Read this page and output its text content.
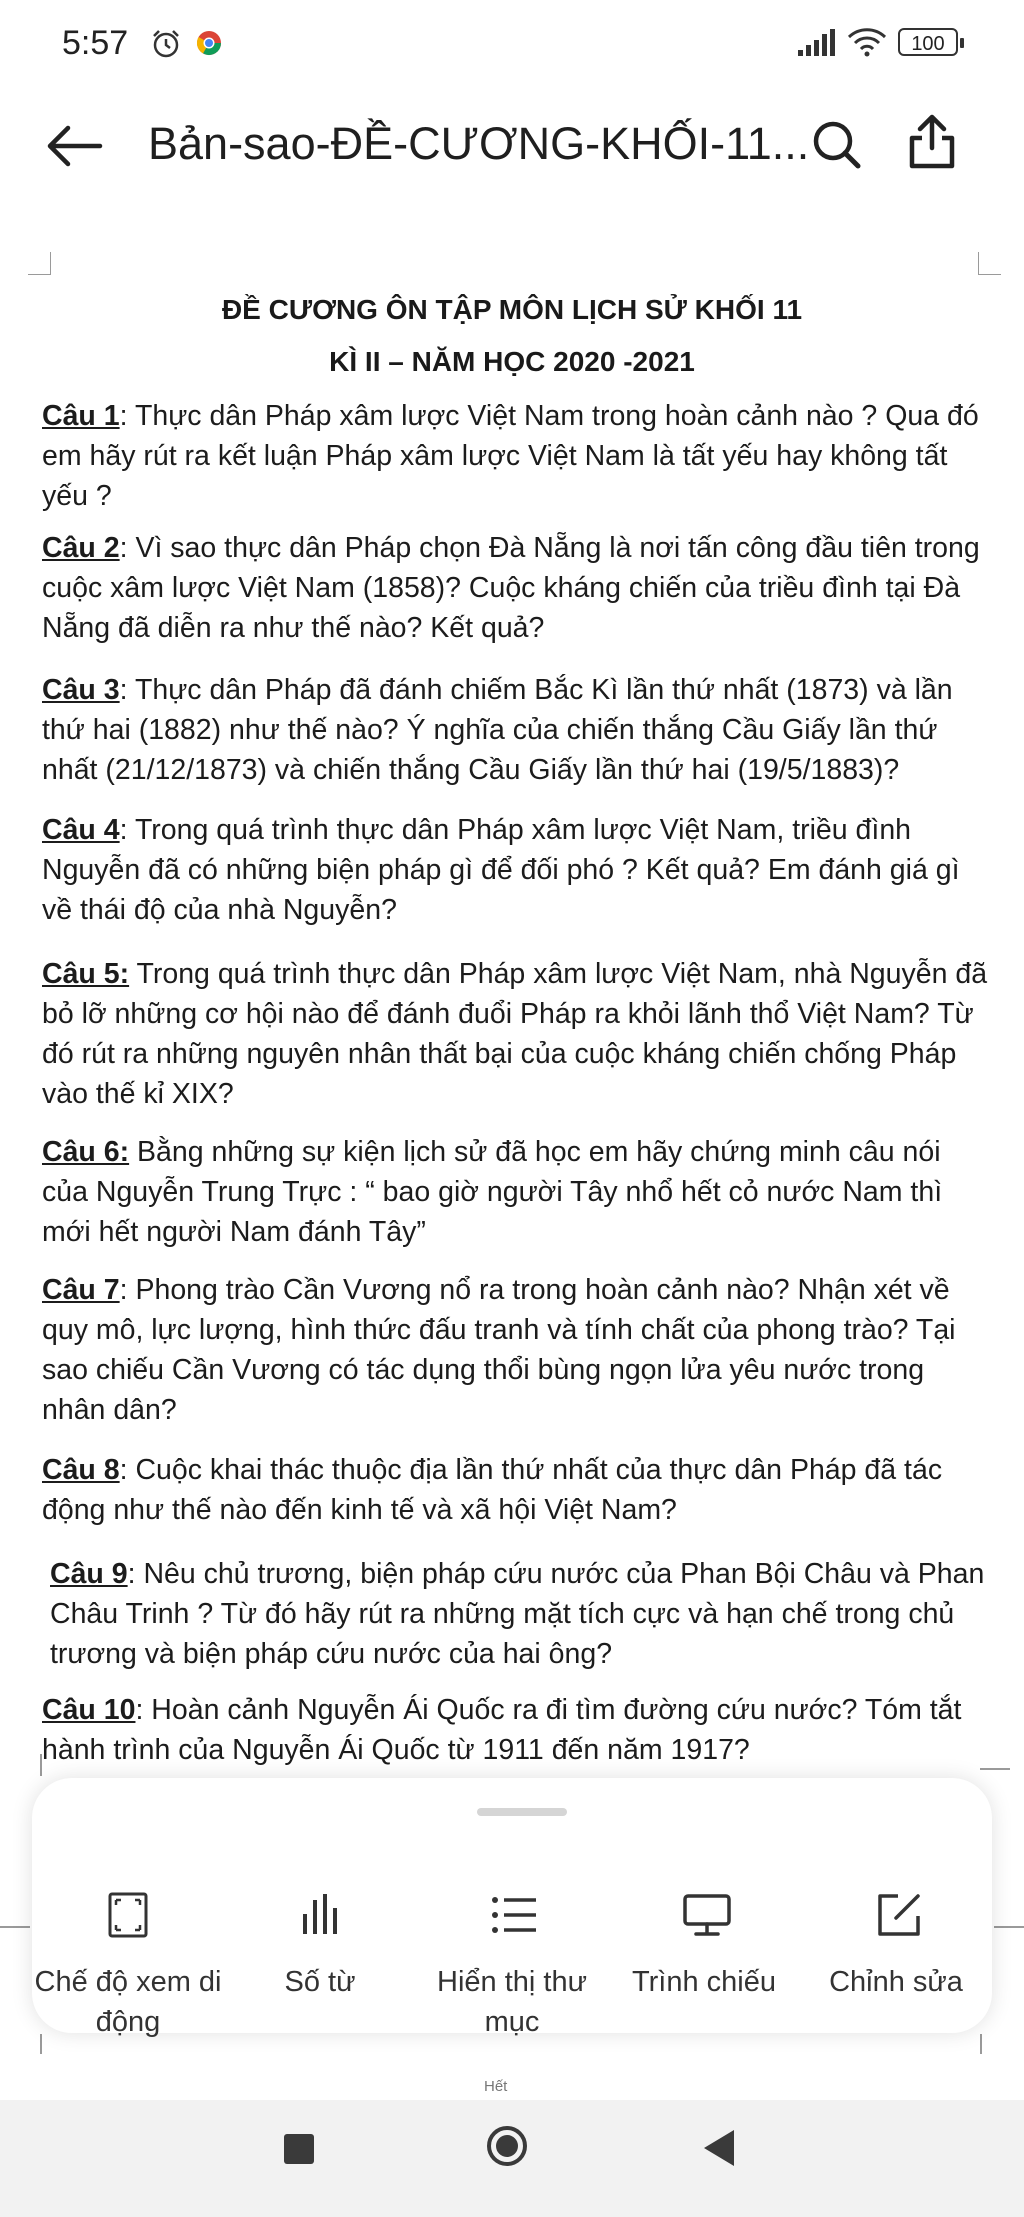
5:57	100
Bản-sao-ĐỀ-CƯƠNG-KHỐI-11...
ĐỀ CƯƠNG ÔN TẬP MÔN LỊCH SỬ KHỐI 11
KÌ II – NĂM HỌC 2020 -2021
Câu 1: Thực dân Pháp xâm lược Việt Nam trong hoàn cảnh nào ? Qua đó em hãy rút ra kết luận Pháp xâm lược Việt Nam là tất yếu hay không tất yếu ?
Câu 2: Vì sao thực dân Pháp chọn Đà Nẵng là nơi tấn công đầu tiên trong cuộc xâm lược Việt Nam (1858)? Cuộc kháng chiến của triều đình tại Đà Nẵng đã diễn ra như thế nào? Kết quả?
Câu 3: Thực dân Pháp đã đánh chiếm Bắc Kì lần thứ nhất (1873) và lần thứ hai (1882) như thế nào? Ý nghĩa của chiến thắng Cầu Giấy lần thứ nhất (21/12/1873) và chiến thắng Cầu Giấy lần thứ hai (19/5/1883)?
Câu 4: Trong quá trình thực dân Pháp xâm lược Việt Nam, triều đình Nguyễn đã có những biện pháp gì để đối phó ? Kết quả? Em đánh giá gì về thái độ của nhà Nguyễn?
Câu 5: Trong quá trình thực dân Pháp xâm lược Việt Nam, nhà Nguyễn đã bỏ lỡ những cơ hội nào để đánh đuổi Pháp ra khỏi lãnh thổ Việt Nam? Từ đó rút ra những nguyên nhân thất bại của cuộc kháng chiến chống Pháp vào thế kỉ XIX?
Câu 6: Bằng những sự kiện lịch sử đã học em hãy chứng minh câu nói của Nguyễn Trung Trực : “ bao giờ người Tây nhổ hết cỏ nước Nam thì mới hết người Nam đánh Tây”
Câu 7: Phong trào Cần Vương nổ ra trong hoàn cảnh nào? Nhận xét về quy mô, lực lượng, hình thức đấu tranh và tính chất của phong trào? Tại sao chiếu Cần Vương có tác dụng thổi bùng ngọn lửa yêu nước trong nhân dân?
Câu 8: Cuộc khai thác thuộc địa lần thứ nhất của thực dân Pháp đã tác động như thế nào đến kinh tế và xã hội Việt Nam?
Câu 9: Nêu chủ trương, biện pháp cứu nước của Phan Bội Châu và Phan Châu Trinh ? Từ đó hãy rút ra những mặt tích cực và hạn chế trong chủ trương và biện pháp cứu nước của hai ông?
Câu 10: Hoàn cảnh Nguyễn Ái Quốc ra đi tìm đường cứu nước? Tóm tắt hành trình của Nguyễn Ái Quốc từ 1911 đến năm 1917?
Hết
Chế độ xem di động
Số từ	Hiển thị thư mục
Trình chiếu	Chỉnh sửa
